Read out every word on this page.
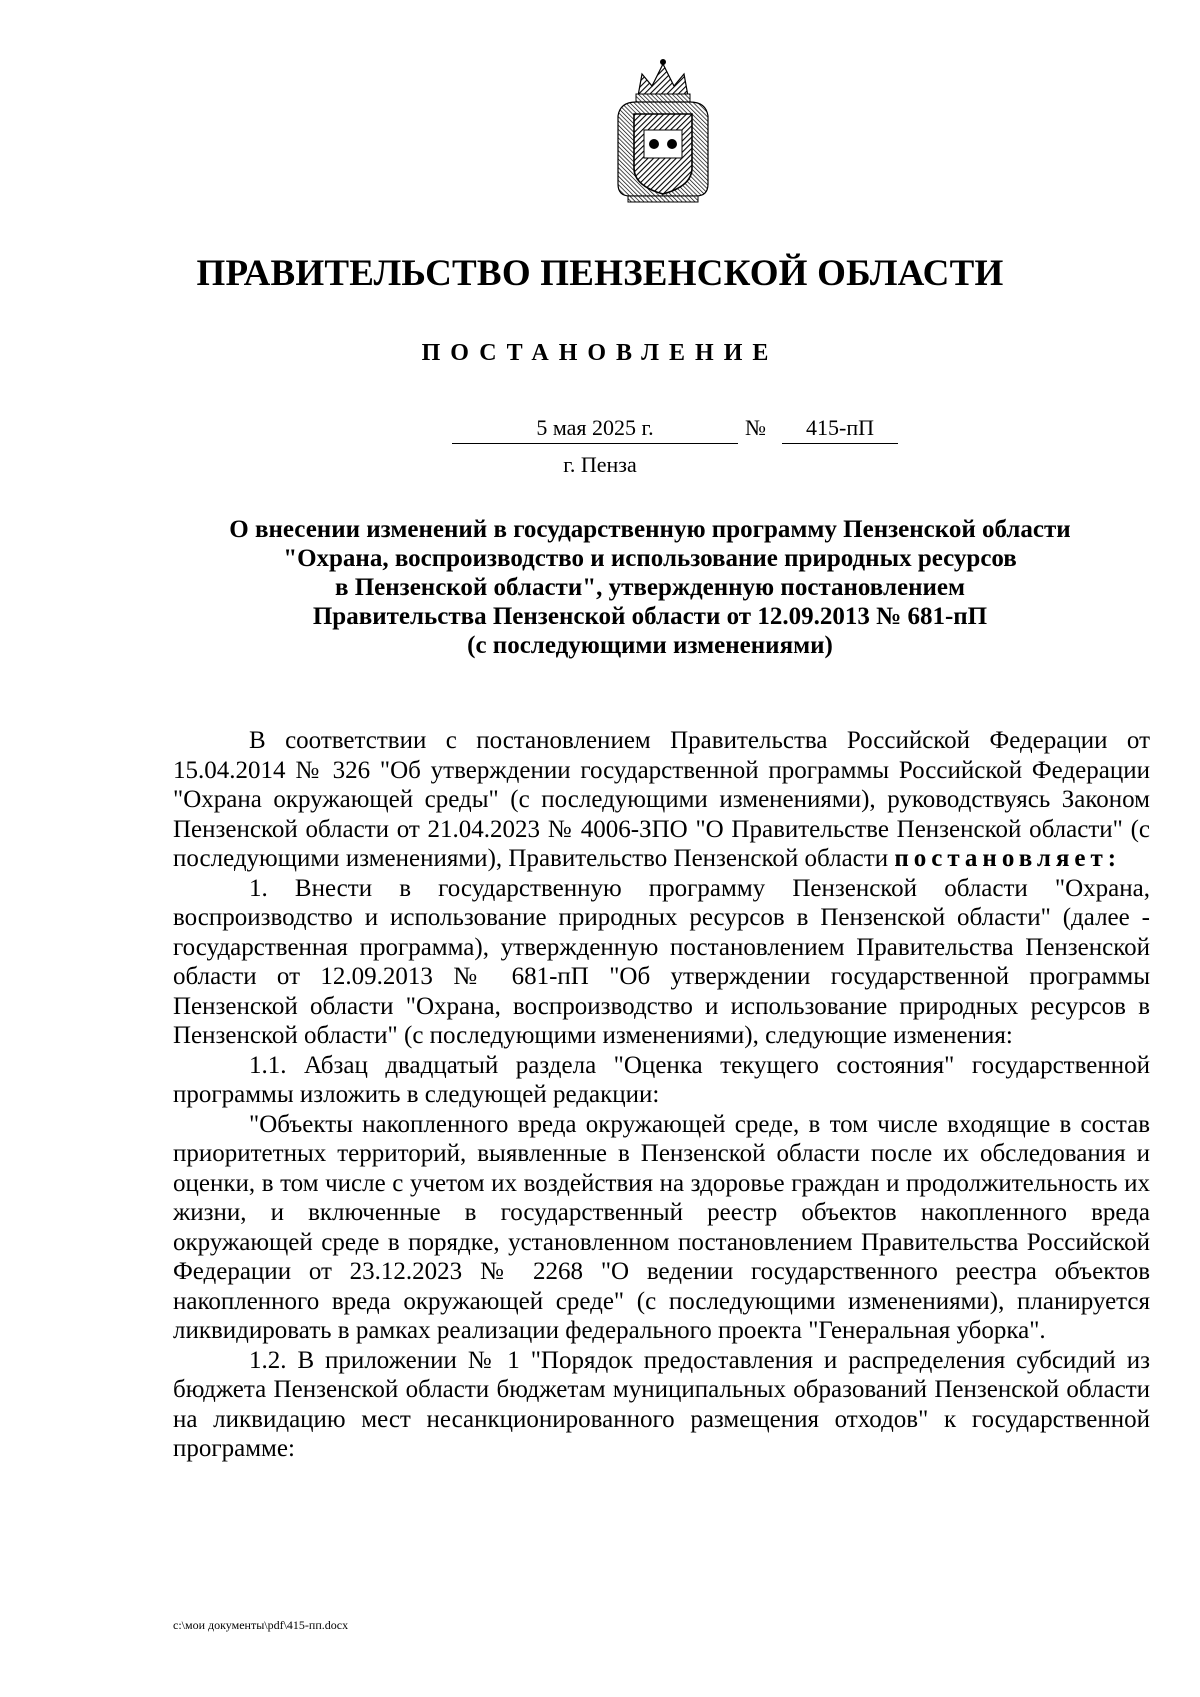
ПРАВИТЕЛЬСТВО ПЕНЗЕНСКОЙ ОБЛАСТИ
ПОСТАНОВЛЕНИЕ
5 мая 2025 г.	№	415-пП
г. Пенза
О внесении изменений в государственную программу Пензенской области
"Охрана, воспроизводство и использование природных ресурсов
в Пензенской области", утвержденную постановлением
Правительства Пензенской области от 12.09.2013 № 681-пП
(с последующими изменениями)

В соответствии с постановлением Правительства Российской Федерации от 15.04.2014 № 326 "Об утверждении государственной программы Российской Федерации "Охрана окружающей среды" (с последующими изменениями), руководствуясь Законом Пензенской области от 21.04.2023 № 4006-ЗПО "О Правительстве Пензенской области" (с последующими изменениями), Правительство Пензенской области постановляет:

1. Внести в государственную программу Пензенской области "Охрана, воспроизводство и использование природных ресурсов в Пензенской области" (далее - государственная программа), утвержденную постановлением Правительства Пензенской области от 12.09.2013 № 681-пП "Об утверждении государственной программы Пензенской области "Охрана, воспроизводство и использование природных ресурсов в Пензенской области" (с последующими изменениями), следующие изменения:

1.1. Абзац двадцатый раздела "Оценка текущего состояния" государственной программы изложить в следующей редакции:

"Объекты накопленного вреда окружающей среде, в том числе входящие в состав приоритетных территорий, выявленные в Пензенской области после их обследования и оценки, в том числе с учетом их воздействия на здоровье граждан и продолжительность их жизни, и включенные в государственный реестр объектов накопленного вреда окружающей среде в порядке, установленном постановлением Правительства Российской Федерации от 23.12.2023 № 2268 "О ведении государственного реестра объектов накопленного вреда окружающей среде" (с последующими изменениями), планируется ликвидировать в рамках реализации федерального проекта "Генеральная уборка".

1.2. В приложении № 1 "Порядок предоставления и распределения субсидий из бюджета Пензенской области бюджетам муниципальных образований Пензенской области на ликвидацию мест несанкционированного размещения отходов" к государственной программе:

c:\мои документы\pdf\415-пп.docx
